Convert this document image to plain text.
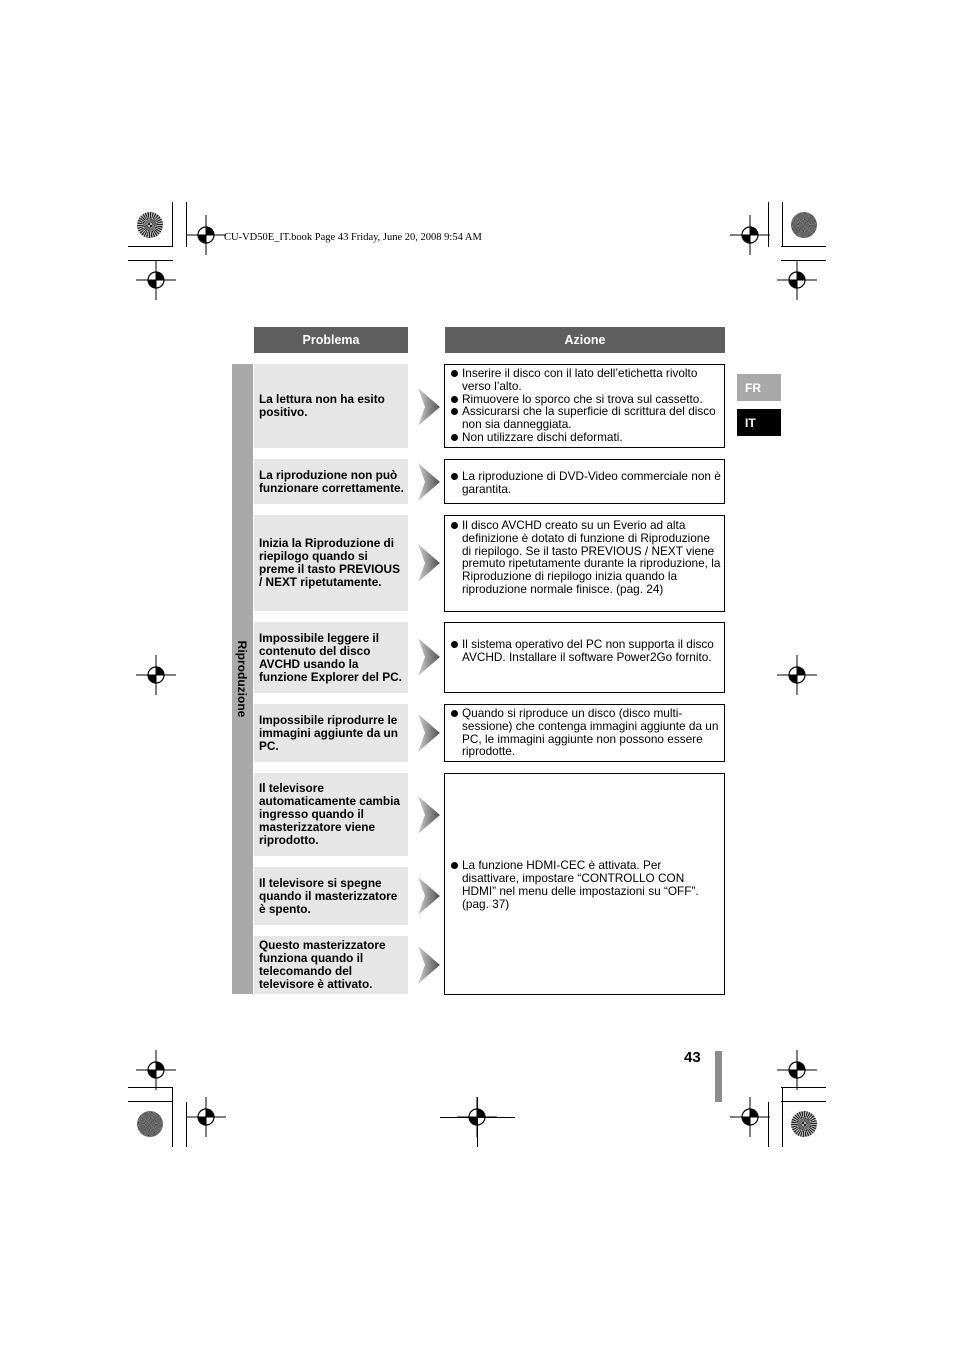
CU-VD50E_IT.book Page 43 Friday, June 20, 2008 9:54 AM
Problema	Azione
FR
IT
Riproduzione
La lettura non ha esito positivo.
Inserire il disco con il lato dell’etichetta rivolto verso l’alto.
Rimuovere lo sporco che si trova sul cassetto.
Assicurarsi che la superficie di scrittura del disco non sia danneggiata.
Non utilizzare dischi deformati.
La riproduzione non può funzionare correttamente.
La riproduzione di DVD-Video commerciale non è garantita.
Inizia la Riproduzione di riepilogo quando si preme il tasto PREVIOUS / NEXT ripetutamente.
Il disco AVCHD creato su un Everio ad alta definizione è dotato di funzione di Riproduzione di riepilogo. Se il tasto PREVIOUS / NEXT viene premuto ripetutamente durante la riproduzione, la Riproduzione di riepilogo inizia quando la riproduzione normale finisce. (pag. 24)
Impossibile leggere il contenuto del disco AVCHD usando la funzione Explorer del PC.
Il sistema operativo del PC non supporta il disco AVCHD. Installare il software Power2Go fornito.
Impossibile riprodurre le immagini aggiunte da un PC.
Quando si riproduce un disco (disco multi-sessione) che contenga immagini aggiunte da un PC, le immagini aggiunte non possono essere riprodotte.
Il televisore automaticamente cambia ingresso quando il masterizzatore viene riprodotto.
Il televisore si spegne quando il masterizzatore è spento.
Questo masterizzatore funziona quando il telecomando del televisore è attivato.
La funzione HDMI-CEC è attivata. Per disattivare, impostare “CONTROLLO CON HDMI” nel menu delle impostazioni su “OFF”. (pag. 37)
43
